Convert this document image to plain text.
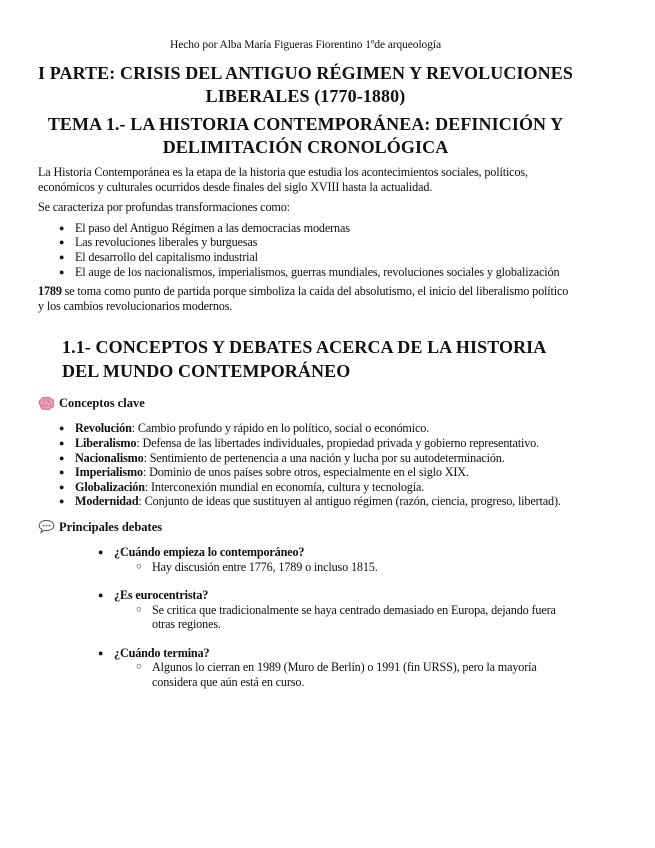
Hecho por Alba María Figueras Fiorentino 1ºde arqueología
I PARTE: CRISIS DEL ANTIGUO RÉGIMEN Y REVOLUCIONES LIBERALES (1770-1880)
TEMA 1.- LA HISTORIA CONTEMPORÁNEA: DEFINICIÓN Y DELIMITACIÓN CRONOLÓGICA

La Historia Contemporánea es la etapa de la historia que estudia los acontecimientos sociales, políticos, económicos y culturales ocurridos desde finales del siglo XVIII hasta la actualidad.

Se caracteriza por profundas transformaciones como:

● El paso del Antiguo Régimen a las democracias modernas
● Las revoluciones liberales y burguesas
● El desarrollo del capitalismo industrial
● El auge de los nacionalismos, imperialismos, guerras mundiales, revoluciones sociales y globalización

1789 se toma como punto de partida porque simboliza la caída del absolutismo, el inicio del liberalismo político y los cambios revolucionarios modernos.

1.1- CONCEPTOS Y DEBATES ACERCA DE LA HISTORIA DEL MUNDO CONTEMPORÁNEO
Conceptos clave
● Revolución: Cambio profundo y rápido en lo político, social o económico.
● Liberalismo: Defensa de las libertades individuales, propiedad privada y gobierno representativo.
● Nacionalismo: Sentimiento de pertenencia a una nación y lucha por su autodeterminación.
● Imperialismo: Dominio de unos países sobre otros, especialmente en el siglo XIX.
● Globalización: Interconexión mundial en economía, cultura y tecnología.
● Modernidad: Conjunto de ideas que sustituyen al antiguo régimen (razón, ciencia, progreso, libertad).
Principales debates
● ¿Cuándo empieza lo contemporáneo?
○ Hay discusión entre 1776, 1789 o incluso 1815.
● ¿Es eurocentrista?
○ Se critica que tradicionalmente se haya centrado demasiado en Europa, dejando fuera otras regiones.
● ¿Cuándo termina?
○ Algunos lo cierran en 1989 (Muro de Berlín) o 1991 (fin URSS), pero la mayoría considera que aún está en curso.
